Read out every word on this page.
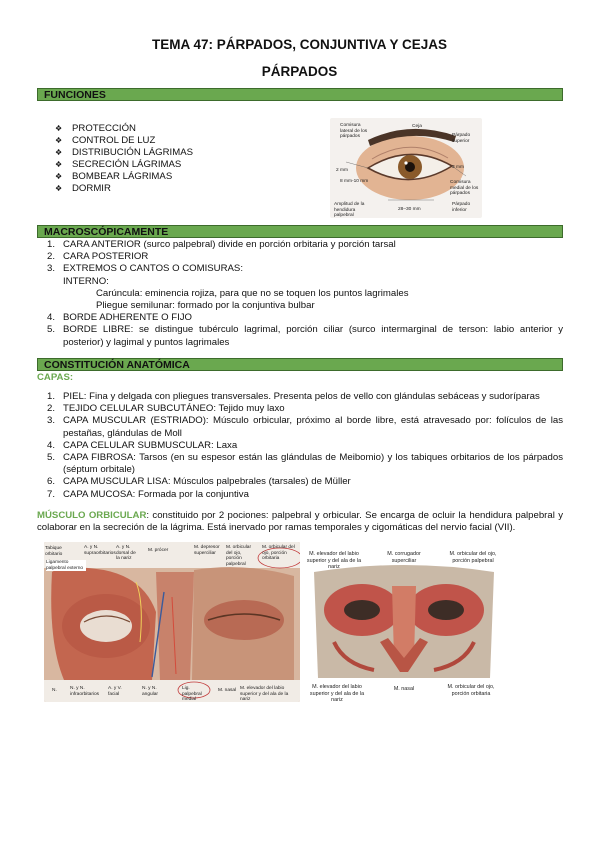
TEMA 47: PÁRPADOS, CONJUNTIVA Y CEJAS
PÁRPADOS
FUNCIONES
❖	PROTECCIÓN
❖	CONTROL DE LUZ
❖	DISTRIBUCIÓN LÁGRIMAS
❖	SECRECIÓN LÁGRIMAS
❖	BOMBEAR LÁGRIMAS
❖	DORMIR
Comisura lateral de los párpados
Ceja
Párpado superior
2 mm
3 mm
8 mm-10 mm	Comisura medial de los párpados
Amplitud de la hendidura palpebral
28–30 mm
Párpado inferior
MACROSCÓPICAMENTE
1. CARA ANTERIOR (surco palpebral) divide en porción orbitaria y porción tarsal
2. CARA POSTERIOR
3. EXTREMOS O CANTOS O COMISURAS:
INTERNO:
Carúncula: eminencia rojiza, para que no se toquen los puntos lagrimales
Pliegue semilunar: formado por la conjuntiva bulbar
4. BORDE ADHERENTE O FIJO
5. BORDE LIBRE: se distingue tubérculo lagrimal, porción ciliar (surco intermarginal de terson: labio anterior y posterior) y lagimal y puntos lagrimales
CONSTITUCIÓN ANATÓMICA
CAPAS:
1. PIEL: Fina y delgada con pliegues transversales. Presenta pelos de vello con glándulas sebáceas y sudoríparas
2. TEJIDO CELULAR SUBCUTÁNEO: Tejido muy laxo
3. CAPA MUSCULAR (ESTRIADO): Músculo orbicular, próximo al borde libre, está atravesado por: folículos de las pestañas, glándulas de Moll
4. CAPA CELULAR SUBMUSCULAR: Laxa
5. CAPA FIBROSA: Tarsos (en su espesor están las glándulas de Meibomio) y los tabiques orbitarios de los párpados (séptum orbitale)
6. CAPA MUSCULAR LISA: Músculos palpebrales (tarsales) de Müller
7. CAPA MUCOSA: Formada por la conjuntiva
MÚSCULO ORBICULAR: constituido por 2 pociones: palpebral y orbicular. Se encarga de ocluir la hendidura palpebral y colaborar en la secreción de la lágrima. Está inervado por ramas temporales y cigomáticas del nervio facial (VII).
Tabique orbitario
Ligamento palpebral externo
A. y N. supraorbitarios
A. y N. dorsal de la nariz
M. prócer
M. depresor superciliar
M. orbicular del ojo, porción palpebral
M. orbicular del ojo, porción orbitaria
N.	N. y N. infraorbitarios
A. y V. facial
N. y N. angular
Lig. palpebral medial
M. nasal M. elevador del labio superior y del ala de la nariz
M. elevador del labio superior y del ala de la nariz
M. corrugador superciliar
M. orbicular del ojo, porción palpebral
M. elevador del labio superior y del ala de la nariz
M. nasal	M. orbicular del ojo, porción orbitaria
